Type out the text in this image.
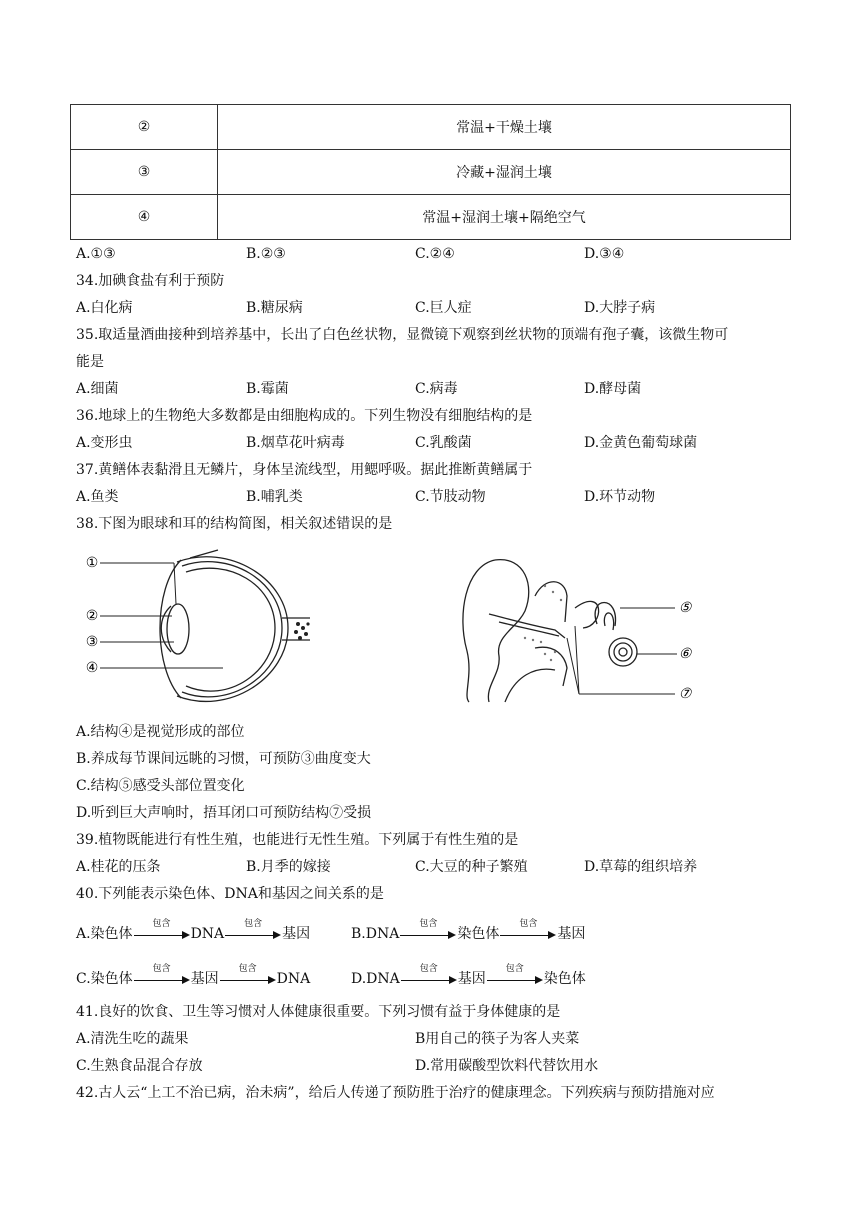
②	常温+干燥土壤
③	冷藏+湿润土壤
④	常温+湿润土壤+隔绝空气
A.①③	B.②③	C.②④	D.③④
34.加碘食盐有利于预防
A.白化病	B.糖尿病	C.巨人症	D.大脖子病
35.取适量酒曲接种到培养基中，长出了白色丝状物，显微镜下观察到丝状物的顶端有孢子囊，该微生物可
能是
A.细菌	B.霉菌	C.病毒	D.酵母菌
36.地球上的生物绝大多数都是由细胞构成的。下列生物没有细胞结构的是
A.变形虫	B.烟草花叶病毒	C.乳酸菌	D.金黄色葡萄球菌
37.黄鳝体表黏滑且无鳞片，身体呈流线型，用鳃呼吸。据此推断黄鳝属于
A.鱼类	B.哺乳类	C.节肢动物	D.环节动物
38.下图为眼球和耳的结构简图，相关叙述错误的是
①
②
③
④
⑤
⑥
⑦
A.结构④是视觉形成的部位
B.养成每节课间远眺的习惯，可预防③曲度变大
C.结构⑤感受头部位置变化
D.听到巨大声响时，捂耳闭口可预防结构⑦受损
39.植物既能进行有性生殖，也能进行无性生殖。下列属于有性生殖的是
A.桂花的压条	B.月季的嫁接	C.大豆的种子繁殖	D.草莓的组织培养
40.下列能表示染色体、DNA和基因之间关系的是
A.染色体
包含
DNA
包含
基因	B.DNA
包含
染色体
包含
基因
C.染色体
包含
基因
包含
DNA	D.DNA
包含
基因
包含
染色体
41.良好的饮食、卫生等习惯对人体健康很重要。下列习惯有益于身体健康的是
A.清洗生吃的蔬果	B用自己的筷子为客人夹菜
C.生熟食品混合存放	D.常用碳酸型饮料代替饮用水
42.古人云“上工不治已病，治未病”，给后人传递了预防胜于治疗的健康理念。下列疾病与预防措施对应
